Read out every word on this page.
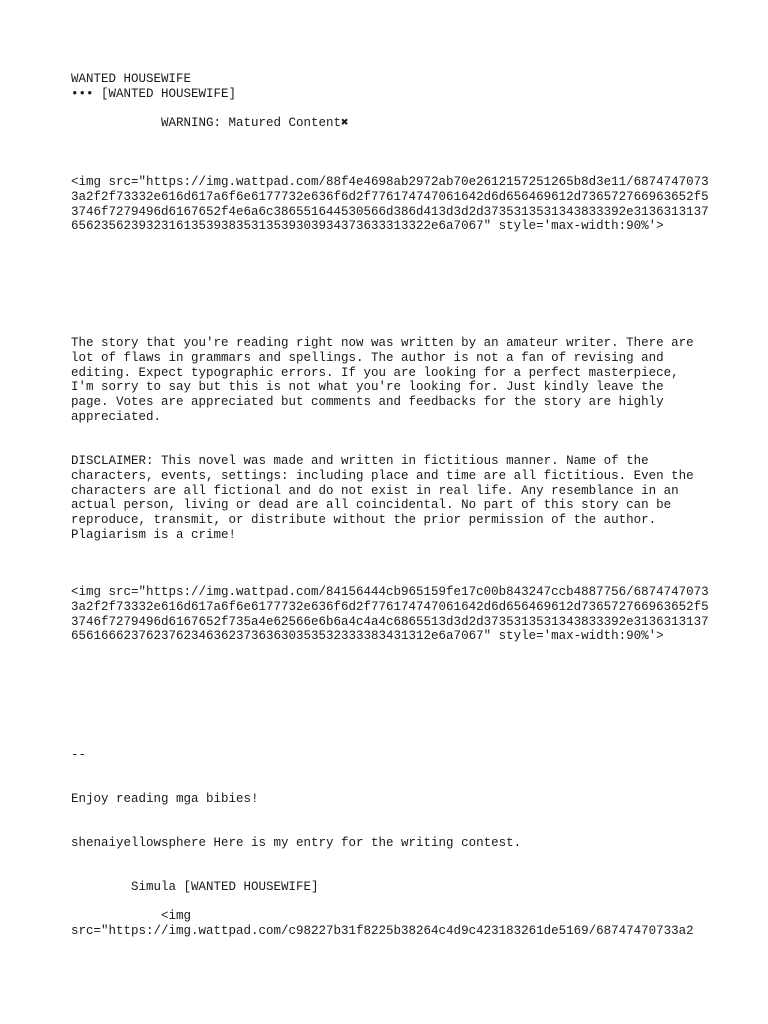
WANTED HOUSEWIFE
••• [WANTED HOUSEWIFE]
WARNING: Matured Content✖
<img src="https://img.wattpad.com/88f4e4698ab2972ab70e2612157251265b8d3e11/68747470733a2f2f73332e616d617a6f6e6177732e636f6d2f776174747061642d6d656469612d736572766963652f53746f7279496d6167652f4e6a6c386551644530566d386d413d3d2d3735313531343833392e3136313137656235623932316135393835313539303934373633313322e6a7067" style='max-width:90%'>
The story that you're reading right now was written by an amateur writer. There are lot of flaws in grammars and spellings. The author is not a fan of revising and editing. Expect typographic errors. If you are looking for a perfect masterpiece, I'm sorry to say but this is not what you're looking for. Just kindly leave the page. Votes are appreciated but comments and feedbacks for the story are highly appreciated.
DISCLAIMER: This novel was made and written in fictitious manner. Name of the characters, events, settings: including place and time are all fictitious. Even the characters are all fictional and do not exist in real life. Any resemblance in an actual person, living or dead are all coincidental. No part of this story can be reproduce, transmit, or distribute without the prior permission of the author. Plagiarism is a crime!
<img src="https://img.wattpad.com/84156444cb965159fe17c00b843247ccb4887756/68747470733a2f2f73332e616d617a6f6e6177732e636f6d2f776174747061642d6d656469612d736572766963652f53746f7279496d6167652f735a4e62566e6b6a4c4a4c6865513d3d2d3735313531343833392e3136313137656166623762376234636237363630353532333383431312e6a7067" style='max-width:90%'>
--
Enjoy reading mga bibies!
shenaiyellowsphere Here is my entry for the writing contest.
Simula [WANTED HOUSEWIFE]
<img
src="https://img.wattpad.com/c98227b31f8225b38264c4d9c423183261de5169/68747470733a2
